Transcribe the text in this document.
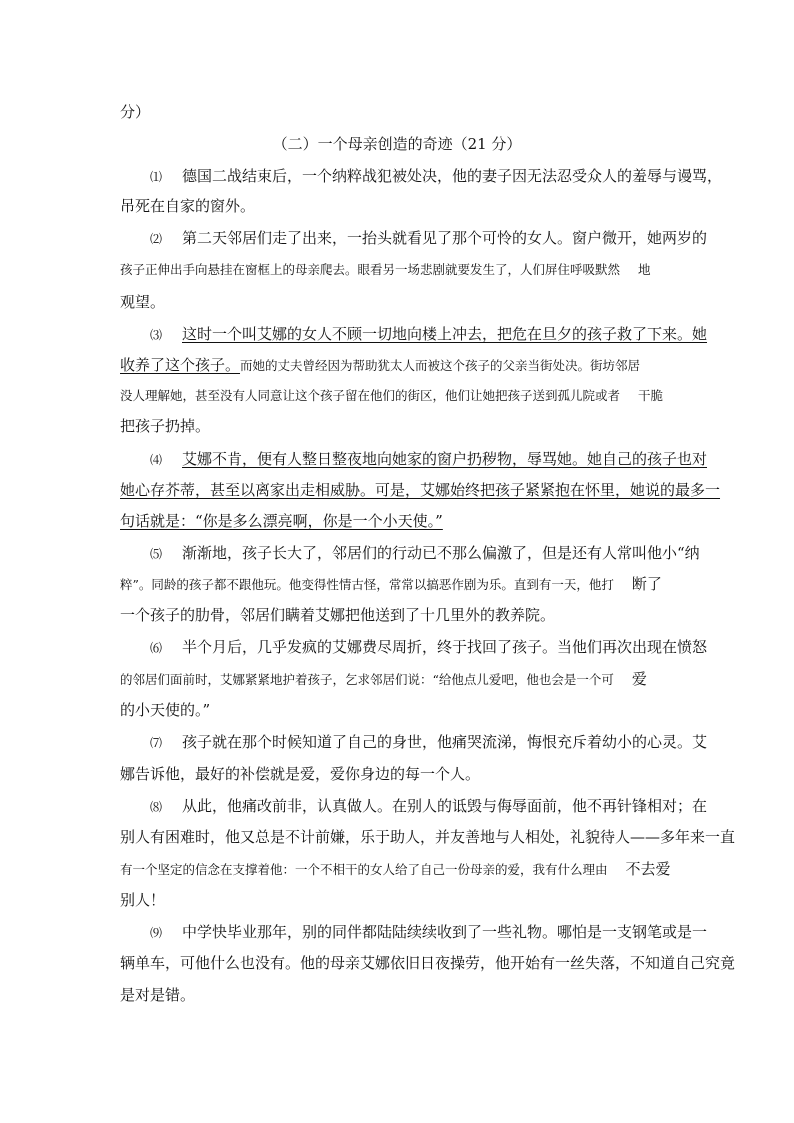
分）
（二）一个母亲创造的奇迹（21 分）
⑴ 德国二战结束后，一个纳粹战犯被处决，他的妻子因无法忍受众人的羞辱与谩骂，
吊死在自家的窗外。
⑵ 第二天邻居们走了出来，一抬头就看见了那个可怜的女人。窗户微开，她两岁的
孩子正伸出手向悬挂在窗框上的母亲爬去。眼看另一场悲剧就要发生了，人们屏住呼吸默然 地
观望。
⑶ 这时一个叫艾娜的女人不顾一切地向楼上冲去，把危在旦夕的孩子救了下来。她
收养了这个孩子。而她的丈夫曾经因为帮助犹太人而被这个孩子的父亲当街处决。街坊邻居
没人理解她，甚至没有人同意让这个孩子留在他们的街区，他们让她把孩子送到孤儿院或者 干脆
把孩子扔掉。
⑷ 艾娜不肯，便有人整日整夜地向她家的窗户扔秽物，辱骂她。她自己的孩子也对
她心存芥蒂，甚至以离家出走相威胁。可是，艾娜始终把孩子紧紧抱在怀里，她说的最多一
句话就是：“你是多么漂亮啊，你是一个小天使。”
⑸ 渐渐地，孩子长大了，邻居们的行动已不那么偏激了，但是还有人常叫他小“纳
粹”。同龄的孩子都不跟他玩。他变得性情古怪，常常以搞恶作剧为乐。直到有一天，他打 断了
一个孩子的肋骨，邻居们瞒着艾娜把他送到了十几里外的教养院。
⑹ 半个月后，几乎发疯的艾娜费尽周折，终于找回了孩子。当他们再次出现在愤怒
的邻居们面前时，艾娜紧紧地护着孩子，乞求邻居们说：“给他点儿爱吧，他也会是一个可 爱
的小天使的。”
⑺ 孩子就在那个时候知道了自己的身世，他痛哭流涕，悔恨充斥着幼小的心灵。艾
娜告诉他，最好的补偿就是爱，爱你身边的每一个人。
⑻ 从此，他痛改前非，认真做人。在别人的诋毁与侮辱面前，他不再针锋相对；在
别人有困难时，他又总是不计前嫌，乐于助人，并友善地与人相处，礼貌待人——多年来一直
有一个坚定的信念在支撑着他：一个不相干的女人给了自己一份母亲的爱，我有什么理由 不去爱
别人！
⑼ 中学快毕业那年，别的同伴都陆陆续续收到了一些礼物。哪怕是一支钢笔或是一
辆单车，可他什么也没有。他的母亲艾娜依旧日夜操劳，他开始有一丝失落，不知道自己究竟
是对是错。
